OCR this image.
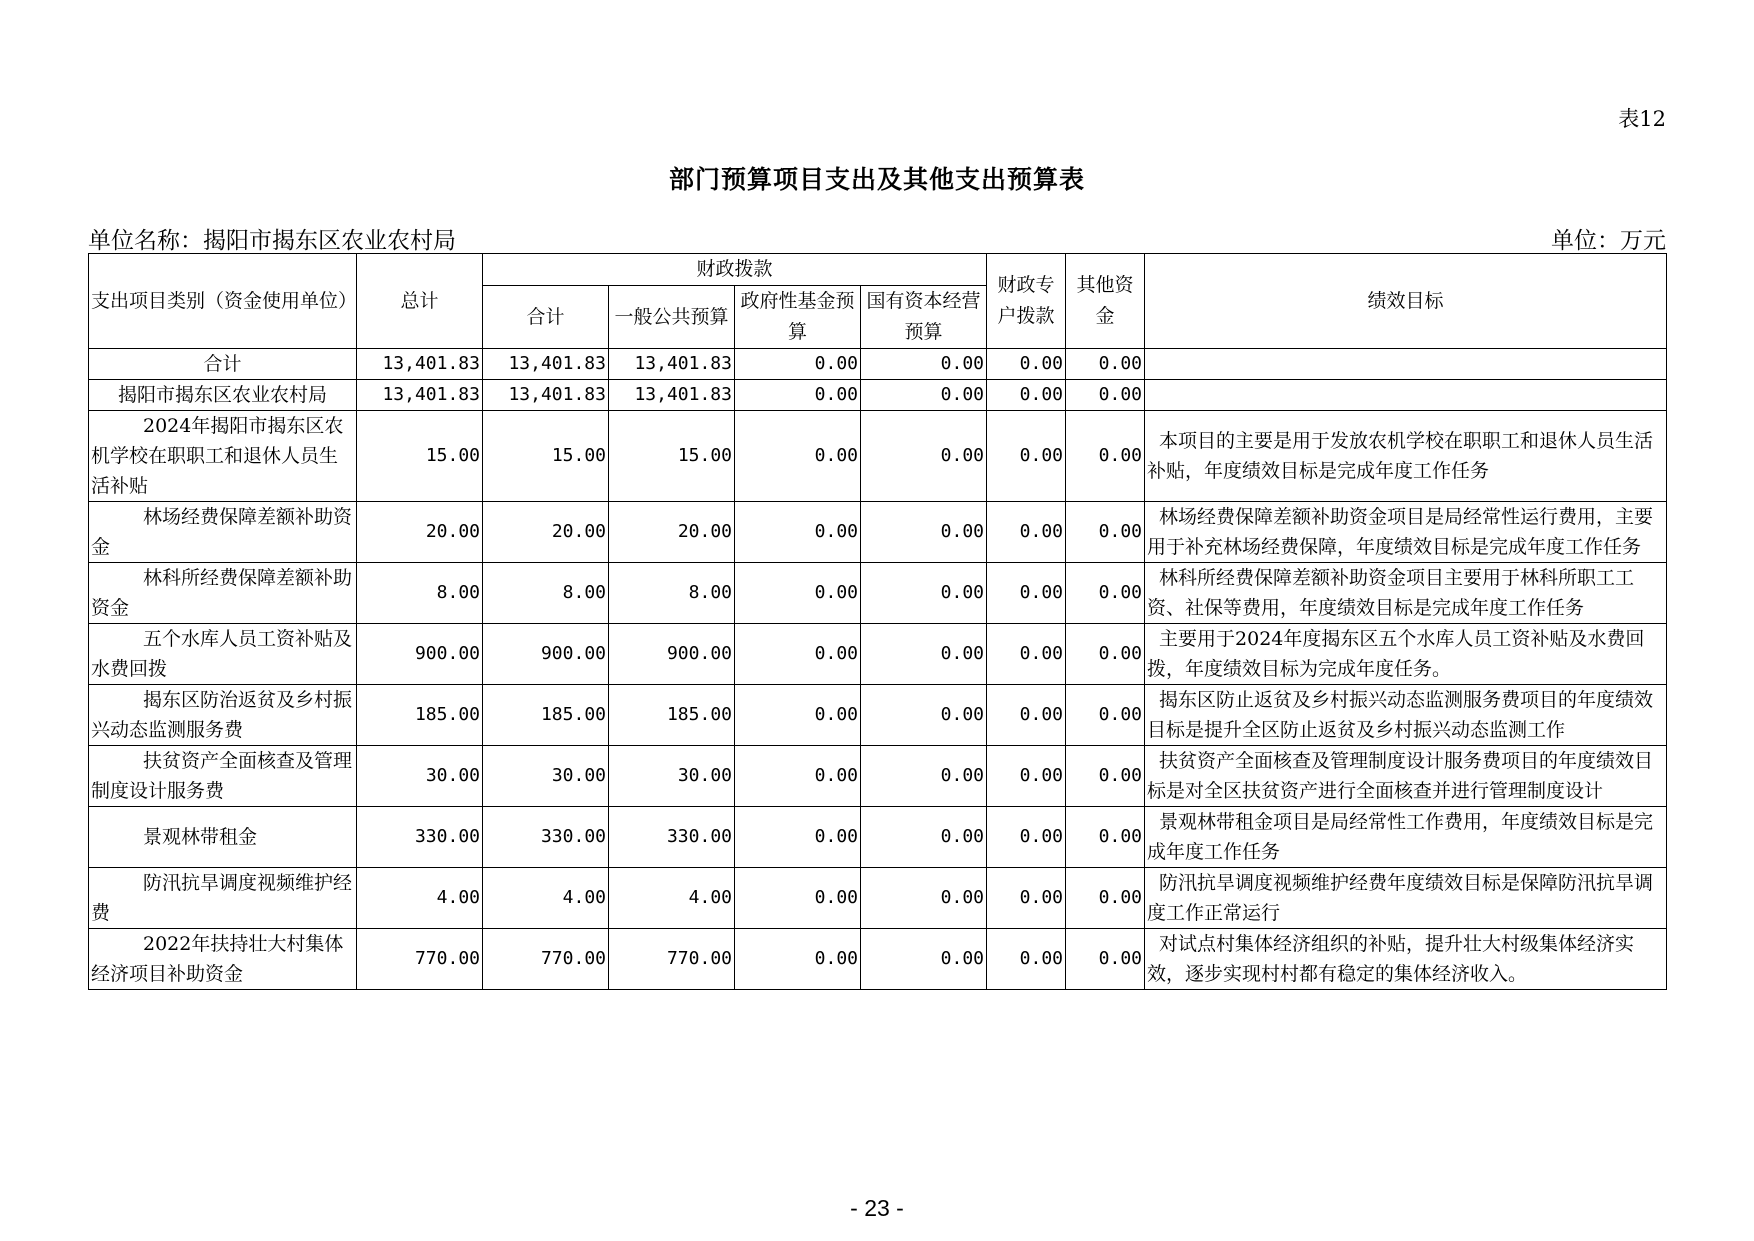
表12
部门预算项目支出及其他支出预算表
单位名称：揭阳市揭东区农业农村局	单位：万元
支出项目类别（资金使用单位）	总计	财政拨款				财政专户拨款	其他资金	绩效目标
		合计	一般公共预算	政府性基金预算	国有资本经营预算			
合计	13,401.83	13,401.83	13,401.83	0.00	0.00	0.00	0.00	
揭阳市揭东区农业农村局	13,401.83	13,401.83	13,401.83	0.00	0.00	0.00	0.00	
2024年揭阳市揭东区农机学校在职职工和退休人员生活补贴	15.00	15.00	15.00	0.00	0.00	0.00	0.00	本项目的主要是用于发放农机学校在职职工和退休人员生活补贴，年度绩效目标是完成年度工作任务
林场经费保障差额补助资金	20.00	20.00	20.00	0.00	0.00	0.00	0.00	林场经费保障差额补助资金项目是局经常性运行费用，主要用于补充林场经费保障，年度绩效目标是完成年度工作任务
林科所经费保障差额补助资金	8.00	8.00	8.00	0.00	0.00	0.00	0.00	林科所经费保障差额补助资金项目主要用于林科所职工工资、社保等费用，年度绩效目标是完成年度工作任务
五个水库人员工资补贴及水费回拨	900.00	900.00	900.00	0.00	0.00	0.00	0.00	主要用于2024年度揭东区五个水库人员工资补贴及水费回拨，年度绩效目标为完成年度任务。
揭东区防治返贫及乡村振兴动态监测服务费	185.00	185.00	185.00	0.00	0.00	0.00	0.00	揭东区防止返贫及乡村振兴动态监测服务费项目的年度绩效目标是提升全区防止返贫及乡村振兴动态监测工作
扶贫资产全面核查及管理制度设计服务费	30.00	30.00	30.00	0.00	0.00	0.00	0.00	扶贫资产全面核查及管理制度设计服务费项目的年度绩效目标是对全区扶贫资产进行全面核查并进行管理制度设计
景观林带租金	330.00	330.00	330.00	0.00	0.00	0.00	0.00	景观林带租金项目是局经常性工作费用，年度绩效目标是完成年度工作任务
防汛抗旱调度视频维护经费	4.00	4.00	4.00	0.00	0.00	0.00	0.00	防汛抗旱调度视频维护经费年度绩效目标是保障防汛抗旱调度工作正常运行
2022年扶持壮大村集体经济项目补助资金	770.00	770.00	770.00	0.00	0.00	0.00	0.00	对试点村集体经济组织的补贴，提升壮大村级集体经济实效，逐步实现村村都有稳定的集体经济收入。
- 23 -
